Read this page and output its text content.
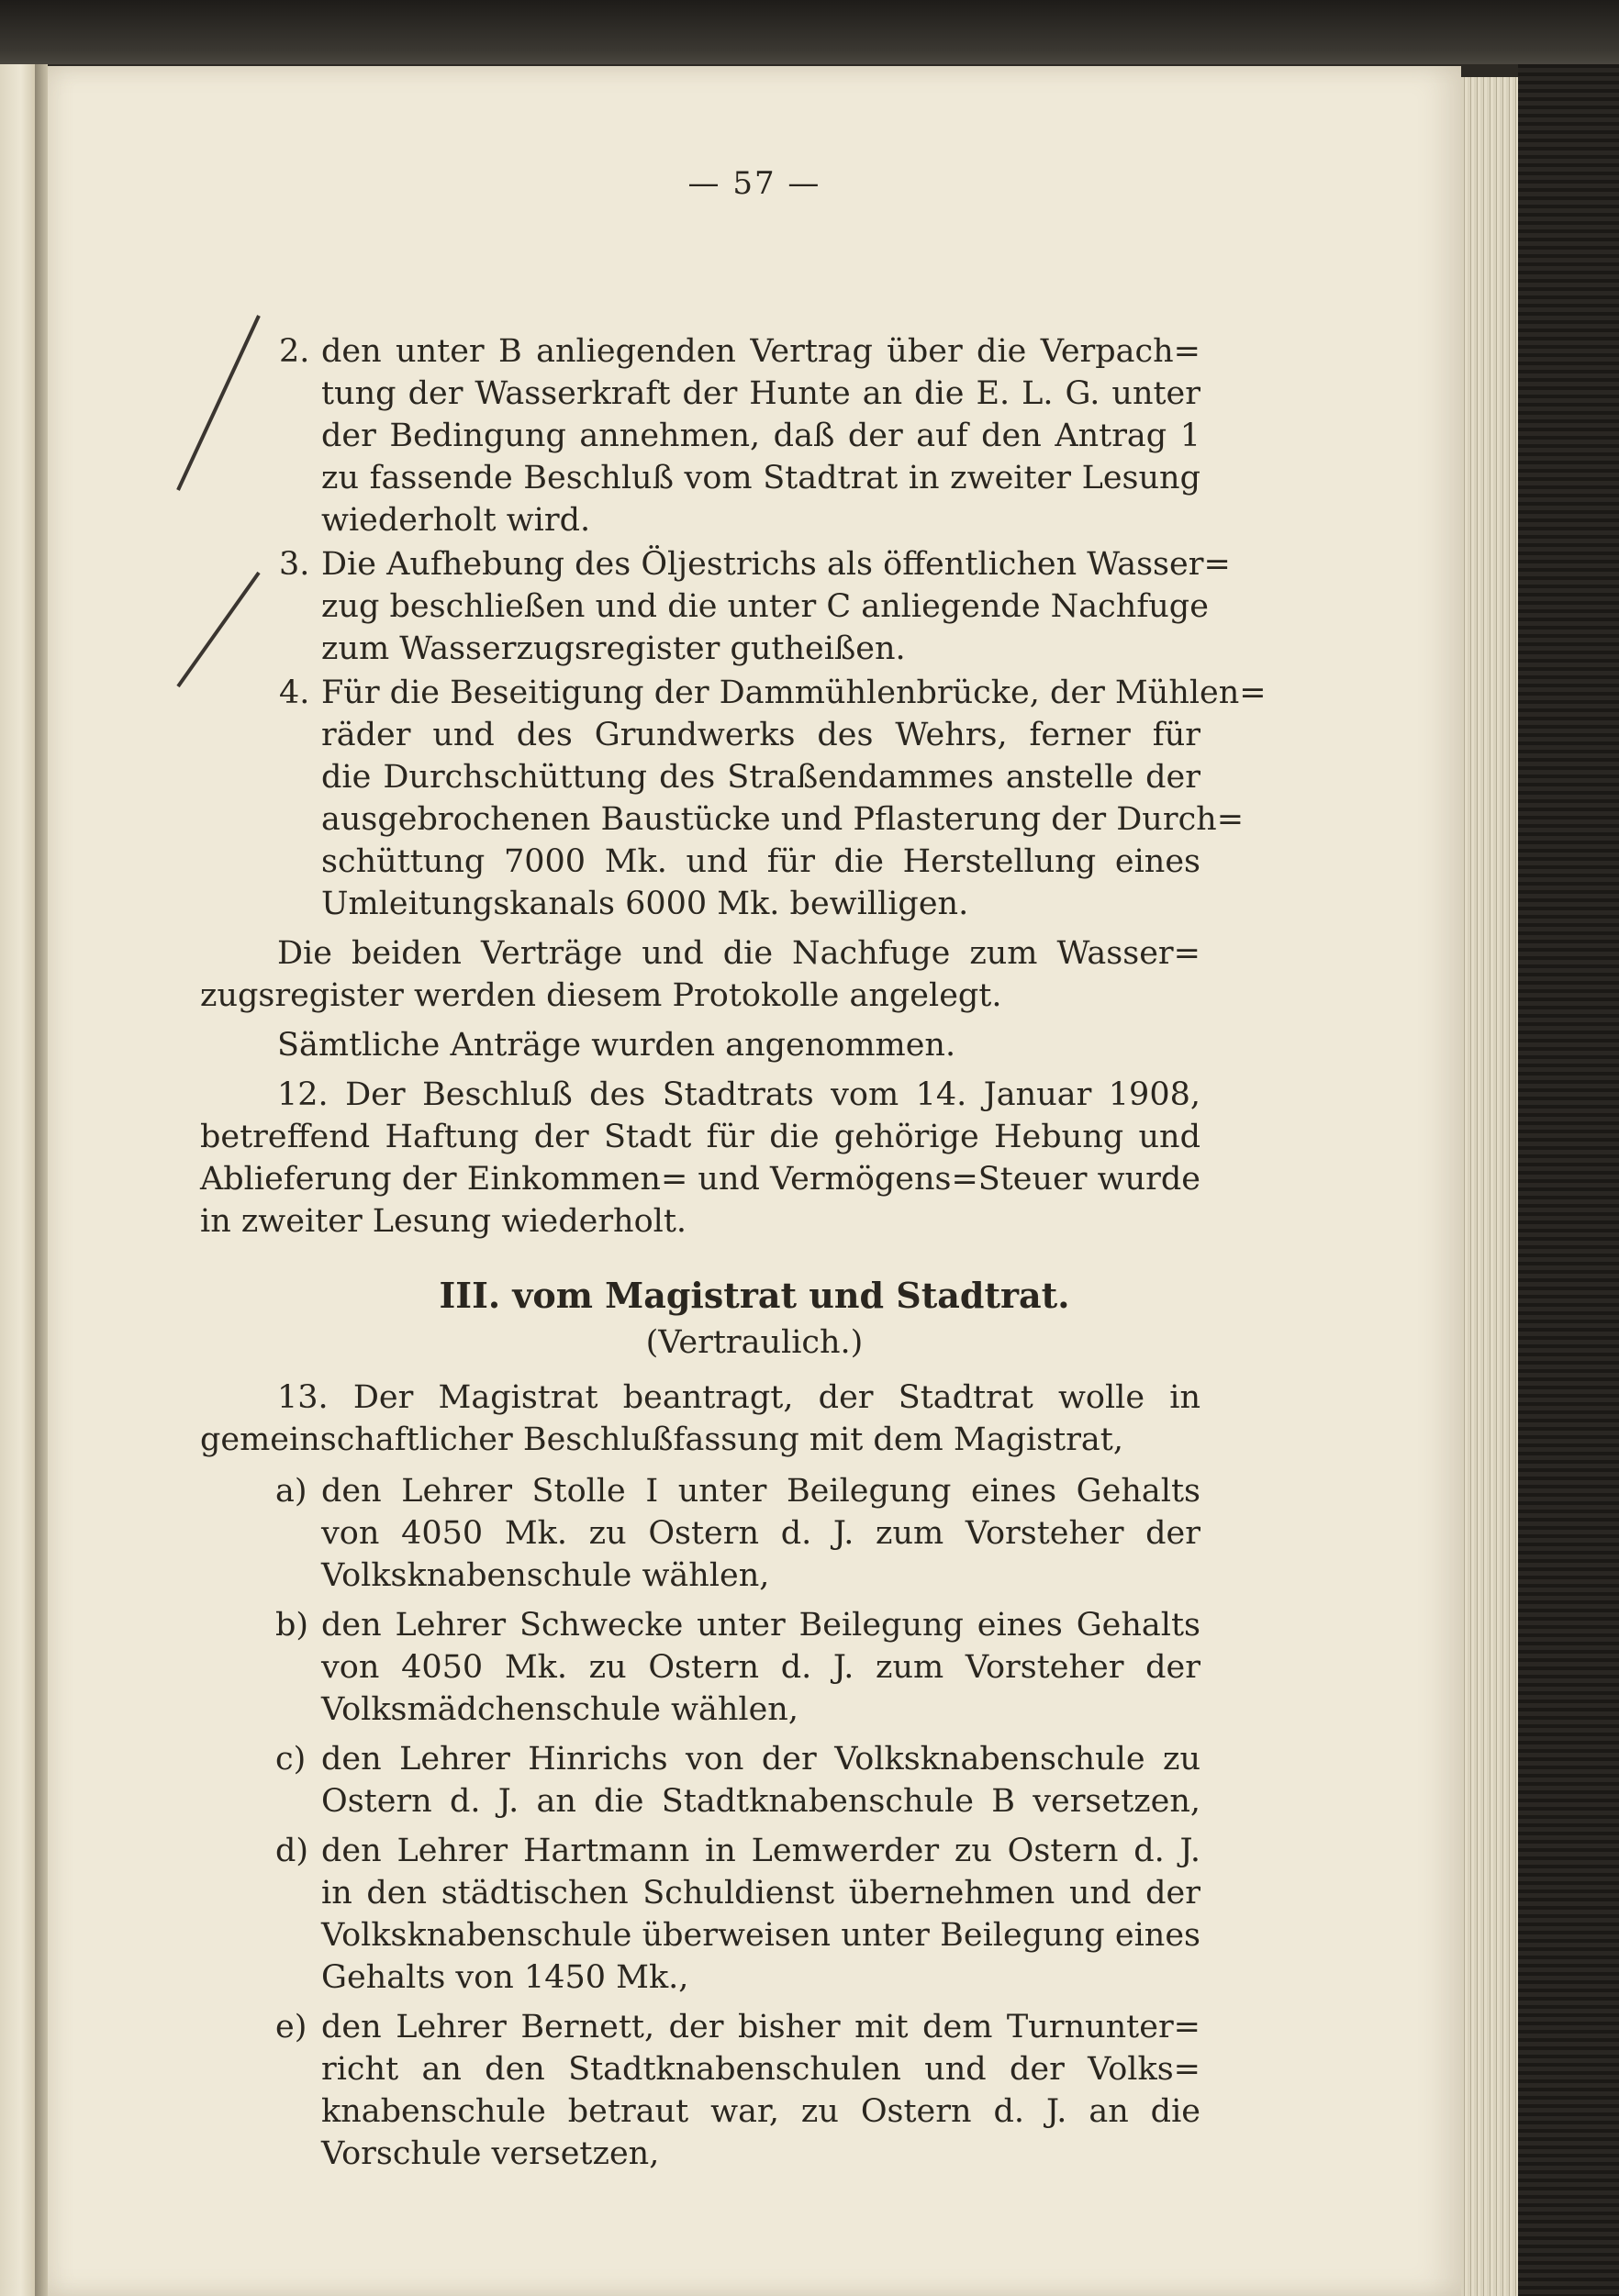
— 57 —
2. den unter B anliegenden Vertrag über die Verpach=
tung der Wasserkraft der Hunte an die E. L. G. unter
der Bedingung annehmen, daß der auf den Antrag 1
zu fassende Beschluß vom Stadtrat in zweiter Lesung
wiederholt wird.
3. Die Aufhebung des Öljestrichs als öffentlichen Wasser=
zug beschließen und die unter C anliegende Nachfuge
zum Wasserzugsregister gutheißen.
4. Für die Beseitigung der Dammühlenbrücke, der Mühlen=
räder und des Grundwerks des Wehrs, ferner für
die Durchschüttung des Straßendammes anstelle der
ausgebrochenen Baustücke und Pflasterung der Durch=
schüttung 7000 Mk. und für die Herstellung eines
Umleitungskanals 6000 Mk. bewilligen.
Die beiden Verträge und die Nachfuge zum Wasser=
zugsregister werden diesem Protokolle angelegt.
Sämtliche Anträge wurden angenommen.
12. Der Beschluß des Stadtrats vom 14. Januar 1908,
betreffend Haftung der Stadt für die gehörige Hebung und
Ablieferung der Einkommen= und Vermögens=Steuer wurde
in zweiter Lesung wiederholt.
III. vom Magistrat und Stadtrat.
(Vertraulich.)
13. Der Magistrat beantragt, der Stadtrat wolle in
gemeinschaftlicher Beschlußfassung mit dem Magistrat,
a) den Lehrer Stolle I unter Beilegung eines Gehalts
von 4050 Mk. zu Ostern d. J. zum Vorsteher der
Volksknabenschule wählen,
b) den Lehrer Schwecke unter Beilegung eines Gehalts
von 4050 Mk. zu Ostern d. J. zum Vorsteher der
Volksmädchenschule wählen,
c) den Lehrer Hinrichs von der Volksknabenschule zu
Ostern d. J. an die Stadtknabenschule B versetzen,
d) den Lehrer Hartmann in Lemwerder zu Ostern d. J.
in den städtischen Schuldienst übernehmen und der
Volksknabenschule überweisen unter Beilegung eines
Gehalts von 1450 Mk.,
e) den Lehrer Bernett, der bisher mit dem Turnunter=
richt an den Stadtknabenschulen und der Volks=
knabenschule betraut war, zu Ostern d. J. an die
Vorschule versetzen,
